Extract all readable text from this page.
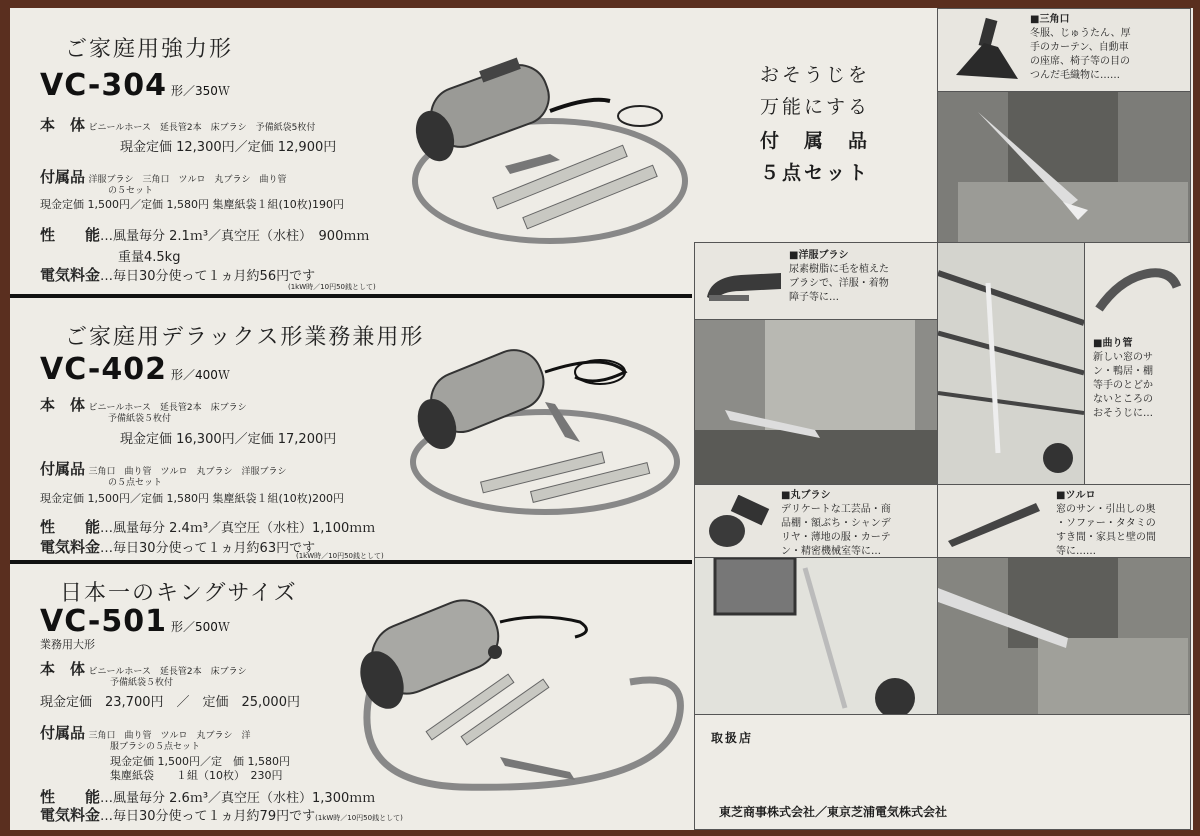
ご家庭用強力形
VC-304 形／350Ｗ
本　体 ビニールホース　延長管2本　床ブラシ　予備紙袋5枚付
現金定価 12,300円／定価 12,900円
付属品 洋服ブラシ　三角口　ツルロ　丸ブラシ　曲り管
の５セット
現金定価 1,500円／定価 1,580円 集塵紙袋１組(10枚)190円
性　　能…風量毎分 2.1ｍ³／真空圧（水柱）　900ｍｍ
重量4.5kg
電気料金…毎日30分使って１ヵ月約56円です
(1kW時／10円50銭として)
ご家庭用デラックス形業務兼用形
VC-402 形／400Ｗ
本　体 ビニールホース　延長管2本　床ブラシ
予備紙袋５枚付
現金定価 16,300円／定価 17,200円
付属品 三角口　曲り管　ツルロ　丸ブラシ　洋服ブラシ
の５点セット
現金定価 1,500円／定価 1,580円 集塵紙袋１組(10枚)200円
性　　能…風量毎分 2.4ｍ³／真空圧（水柱）1,100ｍｍ
電気料金…毎日30分使って１ヵ月約63円です
(1kW時／10円50銭として)
日本一のキングサイズ
VC-501 形／500Ｗ
業務用大形
本　体 ビニールホース　延長管2本　床ブラシ
予備紙袋５枚付
現金定価　23,700円　／　定価　25,000円
付属品 三角口　曲り管　ツルロ　丸ブラシ　洋
服ブラシの５点セット
現金定価 1,500円／定　価 1,580円
集塵紙袋　　１組（10枚）　230円
性　　能…風量毎分 2.6ｍ³／真空圧（水柱）1,300ｍｍ
電気料金…毎日30分使って１ヵ月約79円です(1kW時／10円50銭として)
おそうじを
万能にする
付　属　品
５点セット
■三角口
冬服、じゅうたん、厚
手のカーテン、自動車
の座席、椅子等の目の
つんだ毛織物に……
■洋服ブラシ
尿素樹脂に毛を植えた
ブラシで、洋服・着物
障子等に…
■曲り管
新しい窓のサ
ン・鴨居・棚
等手のとどか
ないところの
おそうじに…
■丸ブラシ
デリケートな工芸品・商
品棚・額ぶち・シャンデ
リヤ・薄地の服・カーテ
ン・精密機械室等に…
■ツルロ
窓のサン・引出しの奥
・ソファー・タタミの
すき間・家具と壁の間
等に……
取扱店
東芝商事株式会社／東京芝浦電気株式会社
